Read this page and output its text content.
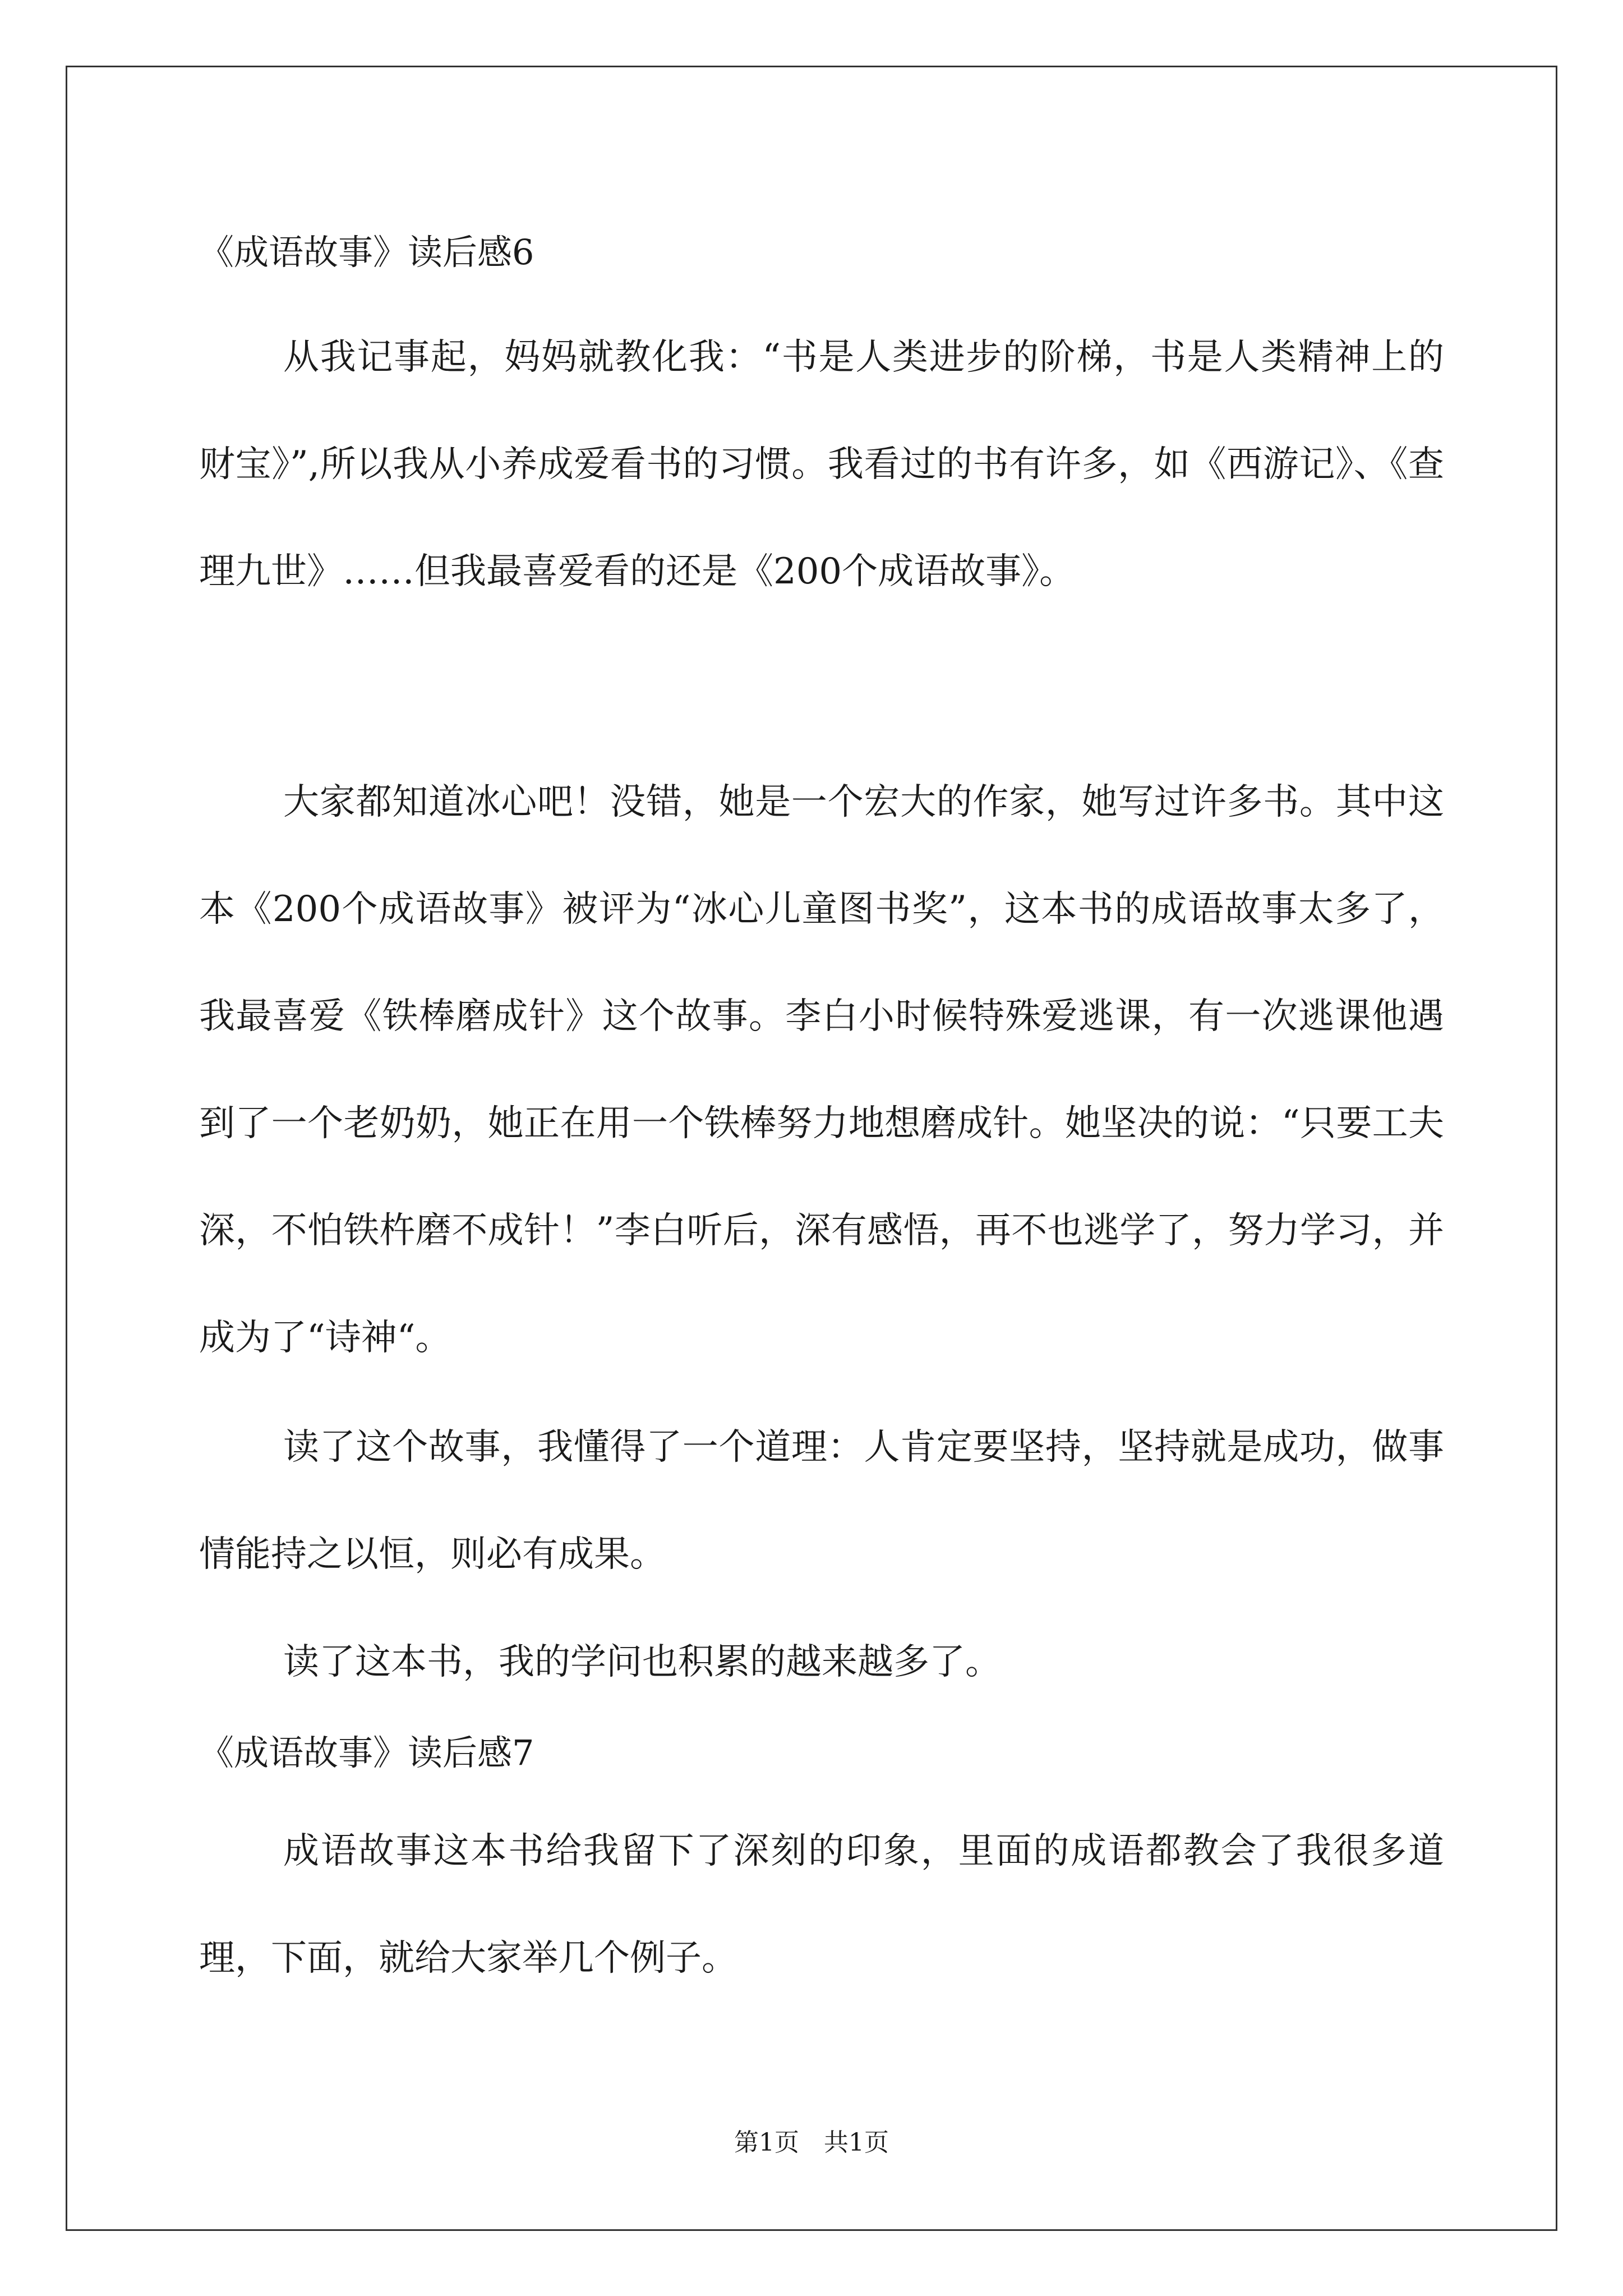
《成语故事》读后感6

从我记事起，妈妈就教化我：“书是人类进步的阶梯，书是人类精神上的财宝》”,所以我从小养成爱看书的习惯。我看过的书有许多，如《西游记》、《查理九世》……但我最喜爱看的还是《200个成语故事》。

大家都知道冰心吧！没错，她是一个宏大的作家，她写过许多书。其中这本《200个成语故事》被评为“冰心儿童图书奖”，这本书的成语故事太多了，我最喜爱《铁棒磨成针》这个故事。李白小时候特殊爱逃课，有一次逃课他遇到了一个老奶奶，她正在用一个铁棒努力地想磨成针。她坚决的说：“只要工夫深，不怕铁杵磨不成针！”李白听后，深有感悟，再不也逃学了，努力学习，并成为了“诗神“。

读了这个故事，我懂得了一个道理：人肯定要坚持，坚持就是成功，做事情能持之以恒，则必有成果。

读了这本书，我的学问也积累的越来越多了。

《成语故事》读后感7

成语故事这本书给我留下了深刻的印象，里面的成语都教会了我很多道理，下面，就给大家举几个例子。

第1页　共1页
